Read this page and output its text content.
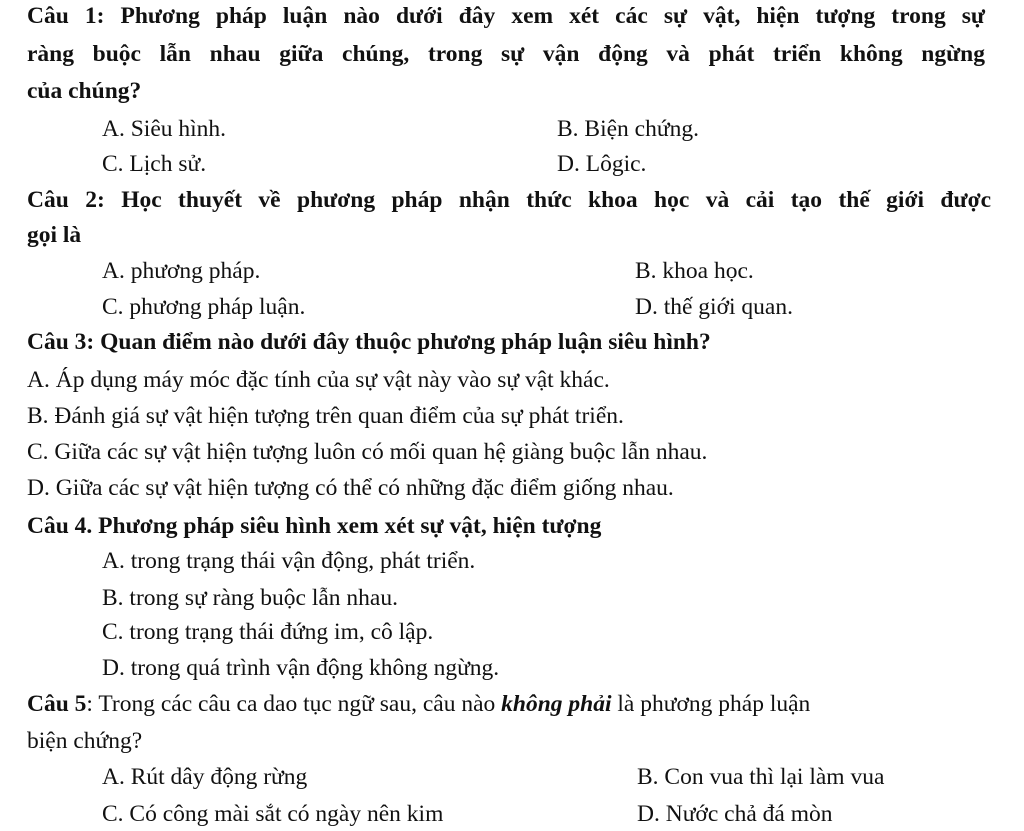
Câu 1: Phương pháp luận nào dưới đây xem xét các sự vật, hiện tượng trong sự
ràng buộc lẫn nhau giữa chúng, trong sự vận động và phát triển không ngừng
của chúng?
A. Siêu hình.	B. Biện chứng.
C. Lịch sử.	D. Lôgic.
Câu 2: Học thuyết về phương pháp nhận thức khoa học và cải tạo thế giới được
gọi là
A. phương pháp.	B. khoa học.
C. phương pháp luận.	D. thế giới quan.
Câu 3: Quan điểm nào dưới đây thuộc phương pháp luận siêu hình?
A. Áp dụng máy móc đặc tính của sự vật này vào sự vật khác.
B. Đánh giá sự vật hiện tượng trên quan điểm của sự phát triển.
C. Giữa các sự vật hiện tượng luôn có mối quan hệ giàng buộc lẫn nhau.
D. Giữa các sự vật hiện tượng có thể có những đặc điểm giống nhau.
Câu 4. Phương pháp siêu hình xem xét sự vật, hiện tượng
A. trong trạng thái vận động, phát triển.
B. trong sự ràng buộc lẫn nhau.
C. trong trạng thái đứng im, cô lập.
D. trong quá trình vận động không ngừng.
Câu 5: Trong các câu ca dao tục ngữ sau, câu nào không phải là phương pháp luận
biện chứng?
A. Rút dây động rừng	B. Con vua thì lại làm vua
C. Có công mài sắt có ngày nên kim	D. Nước chả đá mòn
